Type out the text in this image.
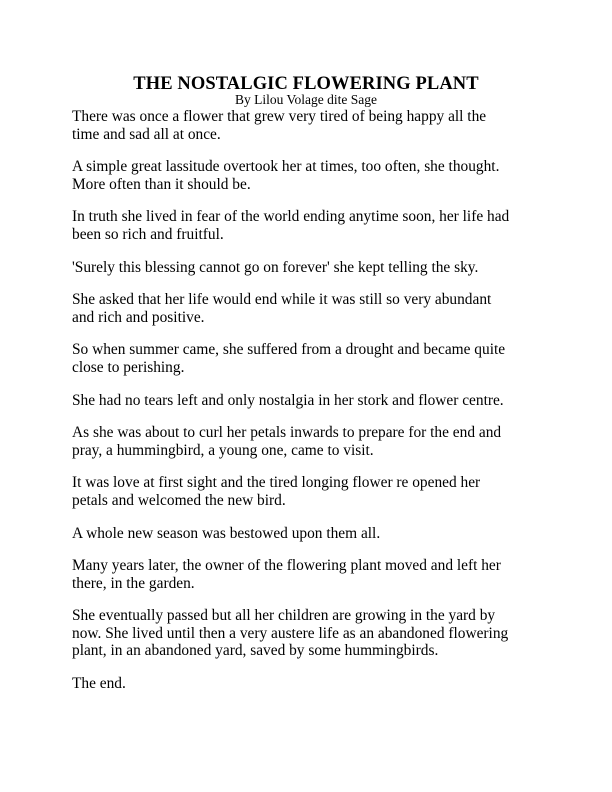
THE NOSTALGIC FLOWERING PLANT
By Lilou Volage dite Sage

There was once a flower that grew very tired of being happy all the
time and sad all at once.

A simple great lassitude overtook her at times, too often, she thought.
More often than it should be.

In truth she lived in fear of the world ending anytime soon, her life had
been so rich and fruitful.

'Surely this blessing cannot go on forever' she kept telling the sky.

She asked that her life would end while it was still so very abundant
and rich and positive.

So when summer came, she suffered from a drought and became quite
close to perishing.

She had no tears left and only nostalgia in her stork and flower centre.

As she was about to curl her petals inwards to prepare for the end and
pray, a hummingbird, a young one, came to visit.

It was love at first sight and the tired longing flower re opened her
petals and welcomed the new bird.

A whole new season was bestowed upon them all.

Many years later, the owner of the flowering plant moved and left her
there, in the garden.

She eventually passed but all her children are growing in the yard by
now. She lived until then a very austere life as an abandoned flowering
plant, in an abandoned yard, saved by some hummingbirds.

The end.
